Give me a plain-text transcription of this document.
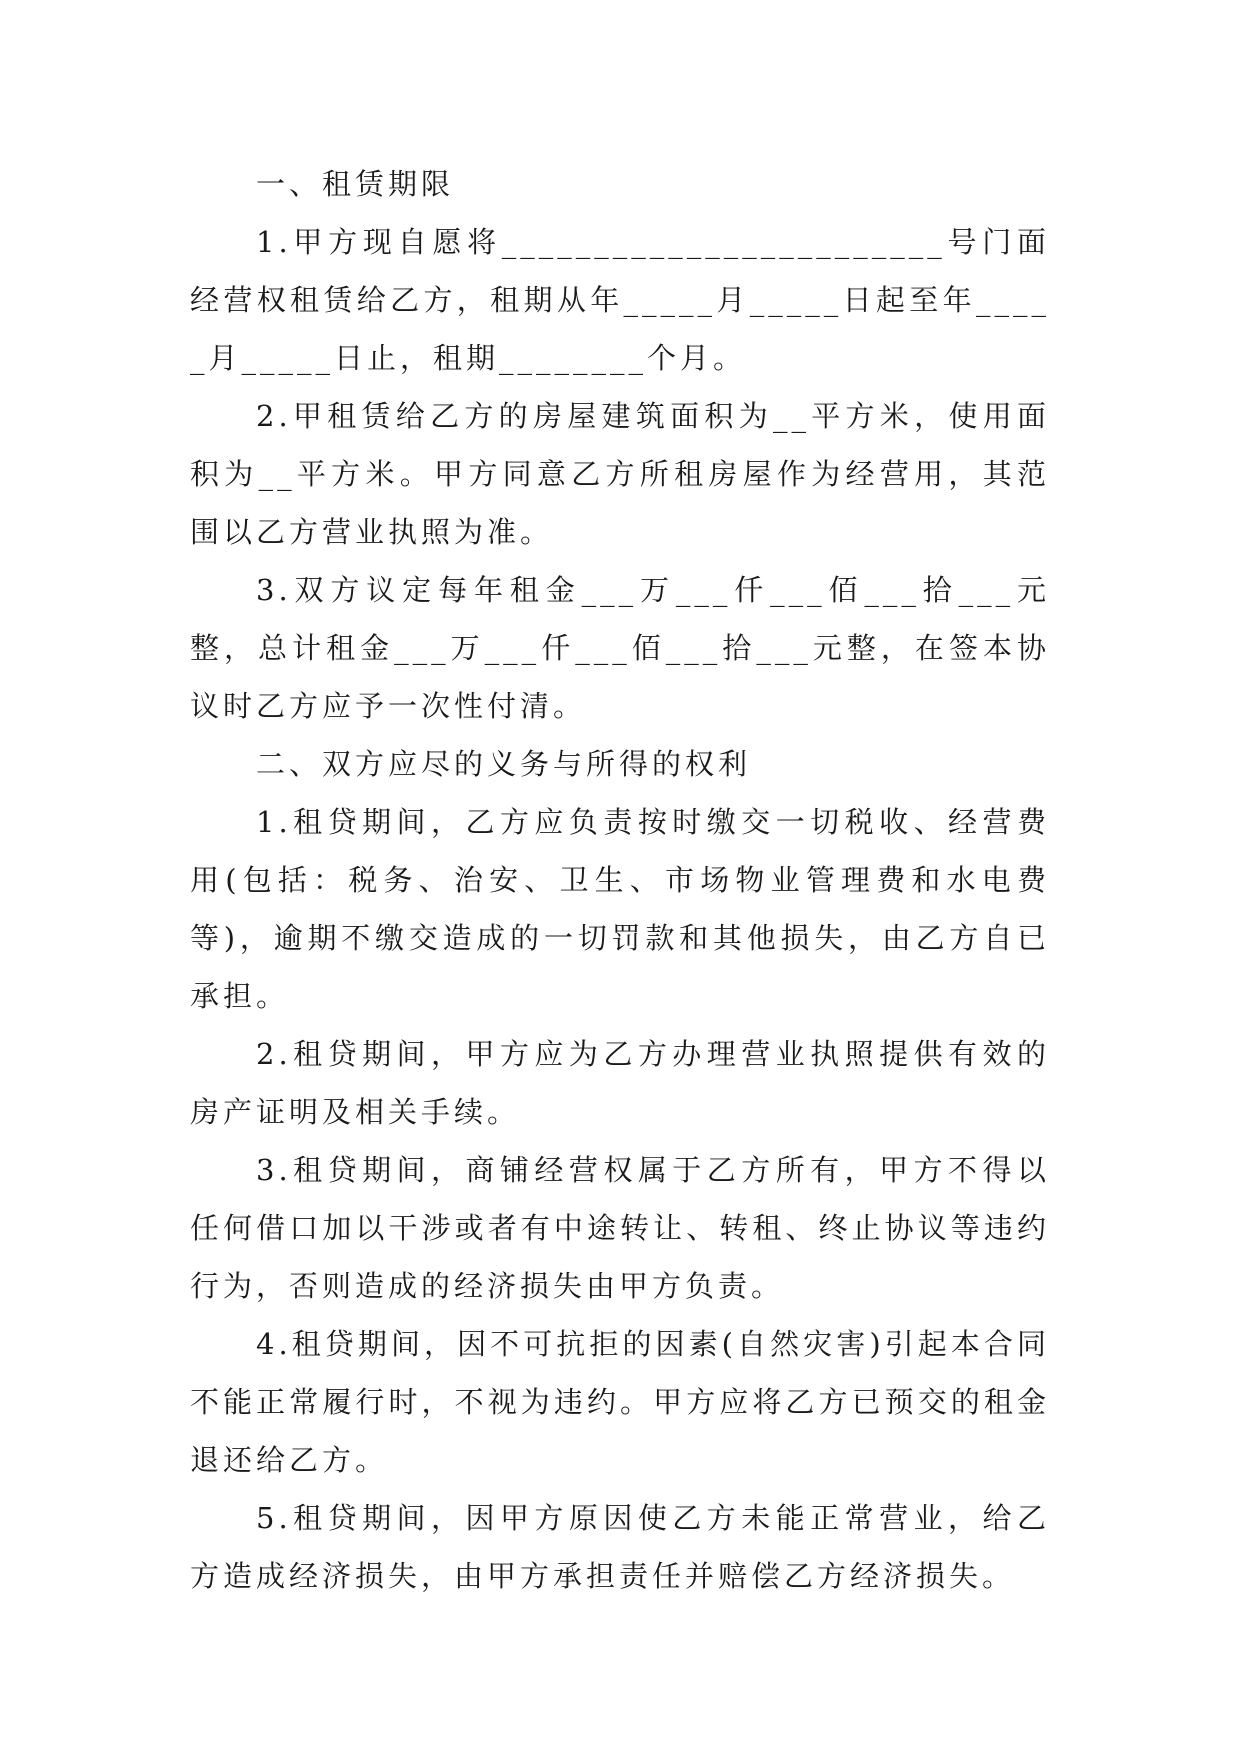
一、租赁期限

1.甲方现自愿将________________________号门面经营权租赁给乙方，租期从年_____月_____日起至年_____月_____日止，租期________个月。

2.甲租赁给乙方的房屋建筑面积为__平方米，使用面积为__平方米。甲方同意乙方所租房屋作为经营用，其范围以乙方营业执照为准。

3.双方议定每年租金___万___仟___佰___拾___元整，总计租金___万___仟___佰___拾___元整，在签本协议时乙方应予一次性付清。

二、双方应尽的义务与所得的权利

1.租贷期间，乙方应负责按时缴交一切税收、经营费用(包括：税务、治安、卫生、市场物业管理费和水电费等)，逾期不缴交造成的一切罚款和其他损失，由乙方自已承担。

2.租贷期间，甲方应为乙方办理营业执照提供有效的房产证明及相关手续。

3.租贷期间，商铺经营权属于乙方所有，甲方不得以任何借口加以干涉或者有中途转让、转租、终止协议等违约行为，否则造成的经济损失由甲方负责。

4.租贷期间，因不可抗拒的因素(自然灾害)引起本合同不能正常履行时，不视为违约。甲方应将乙方已预交的租金退还给乙方。

5.租贷期间，因甲方原因使乙方未能正常营业，给乙方造成经济损失，由甲方承担责任并赔偿乙方经济损失。
